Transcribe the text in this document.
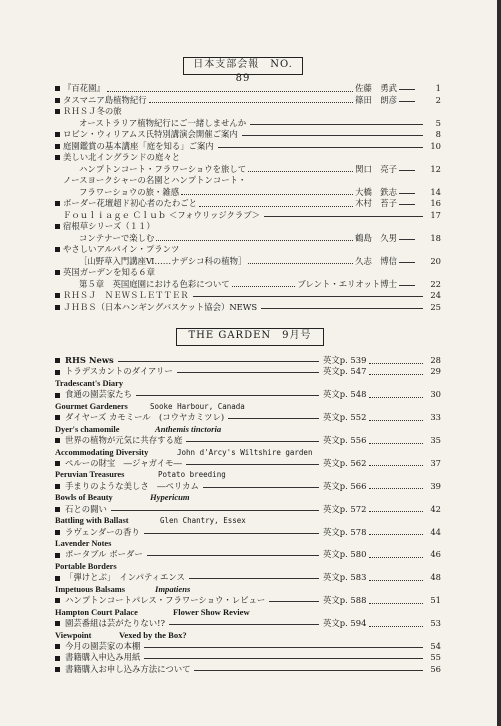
日本支部会報　NO. 89
『百花園』	佐藤　勇武	1
タスマニア島植物紀行	篠田　朗彦	2
ＲＨＳＪ冬の旅
オーストラリア植物紀行にご一緒しませんか	5
ロビン・ウィリアムス氏特別講演会開催ご案内	8
庭園鑑賞の基本講座「庭を知る」ご案内	10
美しい北イングランドの庭々と
ハンプトンコート・フラワーショウを旅して	関口　亮子	12
ノースヨークシャーの名園とハンプトンコート・
フラワーショウの旅・雑感	大橋　鉄志	14
ボーダー花壇超ド初心者のたわごと	木村　苔子	16
Ｆｏｕｌｉａｇｅ Ｃｌｕｂ ＜フォウリッジクラブ＞	17
宿根草シリーズ（１１）
コンテナーで楽しむ	鶴島　久男	18
やさしいアルパイン・プランツ
［山野草入門講座Ⅵ……ナデシコ科の植物］	久志　博信	20
英国ガーデンを知る６章
第５章　英国庭園における色彩について	ブレント・エリオット博士	22
ＲＨＳＪ　ＮＥＷＳＬＥＴＴＥＲ	24
ＪＨＢＳ（日本ハンギングバスケット協会）NEWS	25
THE GARDEN　9月号
RHS News	英文p. 539	28
トラデスカントのダイアリー	英文p. 547	29
Tradescant's Diary
食通の園芸家たち	英文p. 548	30
Gourmet Gardeners	Sooke Harbour, Canada
ダイヤーズ カモミール　(コウヤカミツレ)	英文p. 552	33
Dyer's chamomile	Anthemis tinctoria
世界の植物が元気に共存する庭	英文p. 556	35
Accommodating Diversity	John d'Arcy's Wiltshire garden
ペルーの財宝　―ジャガイモ―	英文p. 562	37
Peruvian Treasures	Potato breeding
手まりのような美しさ　―ペリカム	英文p. 566	39
Bowls of Beauty	Hypericum
石との闘い	英文p. 572	42
Battling with Ballast	Glen Chantry, Essex
ラヴェンダーの香り	英文p. 578	44
Lavender Notes
ポータブル ボーダー	英文p. 580	46
Portable Borders
「弾けとぶ」　インパティエンス	英文p. 583	48
Impetuous Balsams	Impatiens
ハンプトンコートパレス・フラワーショウ・レビュー	英文p. 588	51
Hampton Court Palace	Flower Show Review
園芸番組は芸がたりない!?	英文p. 594	53
Viewpoint	Vexed by the Box?
今月の園芸家の本棚	54
書籍購入申込み用紙	55
書籍購入お申し込み方法について	56
